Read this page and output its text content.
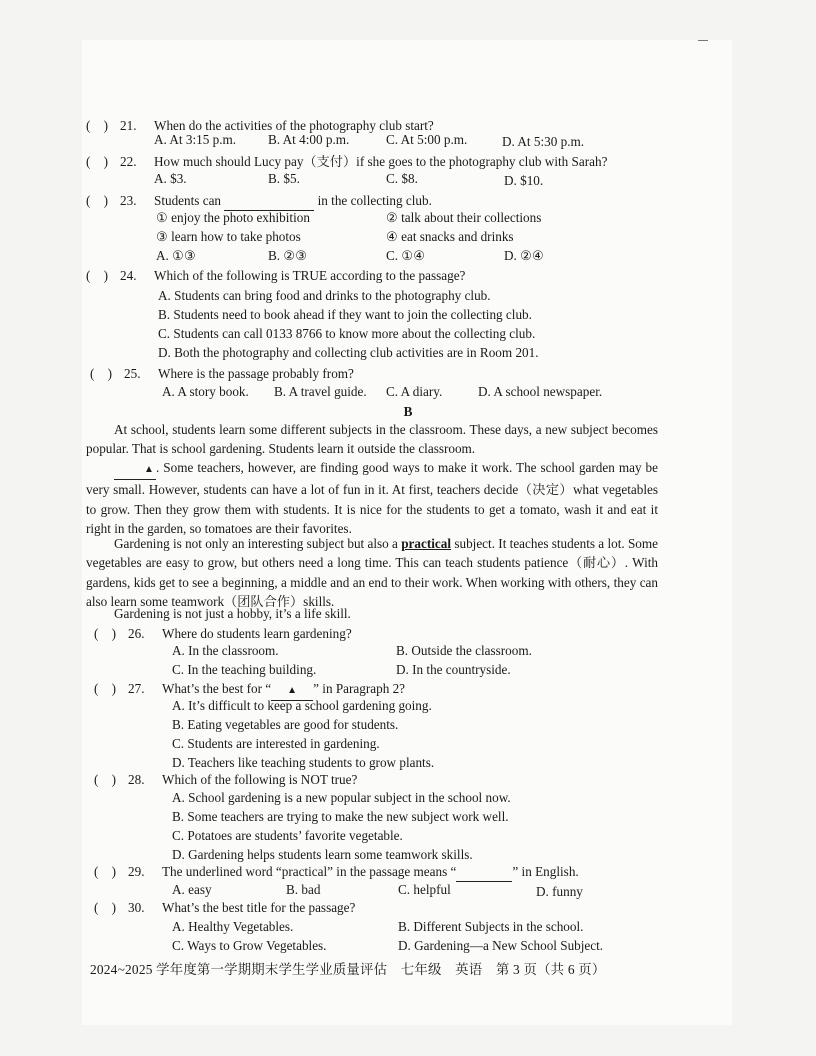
(　) 21. When do the activities of the photography club start?
A. At 3:15 p.m. B. At 4:00 p.m.	C. At 5:00 p.m.	D. At 5:30 p.m.
(　) 22. How much should Lucy pay（支付）if she goes to the photography club with Sarah?
A. $3.	B. $5.	C. $8.	D. $10.
(　) 23. Students can	in the collecting club.
① enjoy the photo exhibition	② talk about their collections
③ learn how to take photos	④ eat snacks and drinks
A. ①③	B. ②③	C. ①④	D. ②④
(　) 24. Which of the following is TRUE according to the passage?
A. Students can bring food and drinks to the photography club.
B. Students need to book ahead if they want to join the collecting club.
C. Students can call 0133 8766 to know more about the collecting club.
D. Both the photography and collecting club activities are in Room 201.
(　) 25. Where is the passage probably from?
A. A story book. B. A travel guide. C. A diary.	D. A school newspaper.
B
At school, students learn some different subjects in the classroom. These days, a new subject becomes popular. That is school gardening. Students learn it outside the classroom.
▲ . Some teachers, however, are finding good ways to make it work. The school garden may be very small. However, students can have a lot of fun in it. At first, teachers decide（决定）what vegetables to grow. Then they grow them with students. It is nice for the students to get a tomato, wash it and eat it right in the garden, so tomatoes are their favorites.
Gardening is not only an interesting subject but also a practical subject. It teaches students a lot. Some vegetables are easy to grow, but others need a long time. This can teach students patience（耐心）. With gardens, kids get to see a beginning, a middle and an end to their work. When working with others, they can also learn some teamwork（团队合作）skills.
Gardening is not just a hobby, it’s a life skill.
(　) 26. Where do students learn gardening?
A. In the classroom.	B. Outside the classroom.
C. In the teaching building.	D. In the countryside.
(　) 27. What’s the best for “ ▲ ” in Paragraph 2?
A. It’s difficult to keep a school gardening going.
B. Eating vegetables are good for students.
C. Students are interested in gardening.
D. Teachers like teaching students to grow plants.
(　) 28. Which of the following is NOT true?
A. School gardening is a new popular subject in the school now.
B. Some teachers are trying to make the new subject work well.
C. Potatoes are students’ favorite vegetable.
D. Gardening helps students learn some teamwork skills.
(　) 29. The underlined word “practical” in the passage means “	” in English.
A. easy	B. bad	C. helpful	D. funny
(　) 30. What’s the best title for the passage?
A. Healthy Vegetables.	B. Different Subjects in the school.
C. Ways to Grow Vegetables.	D. Gardening—a New School Subject.
2024~2025 学年度第一学期期末学生学业质量评估　七年级　英语　第 3 页（共 6 页）
